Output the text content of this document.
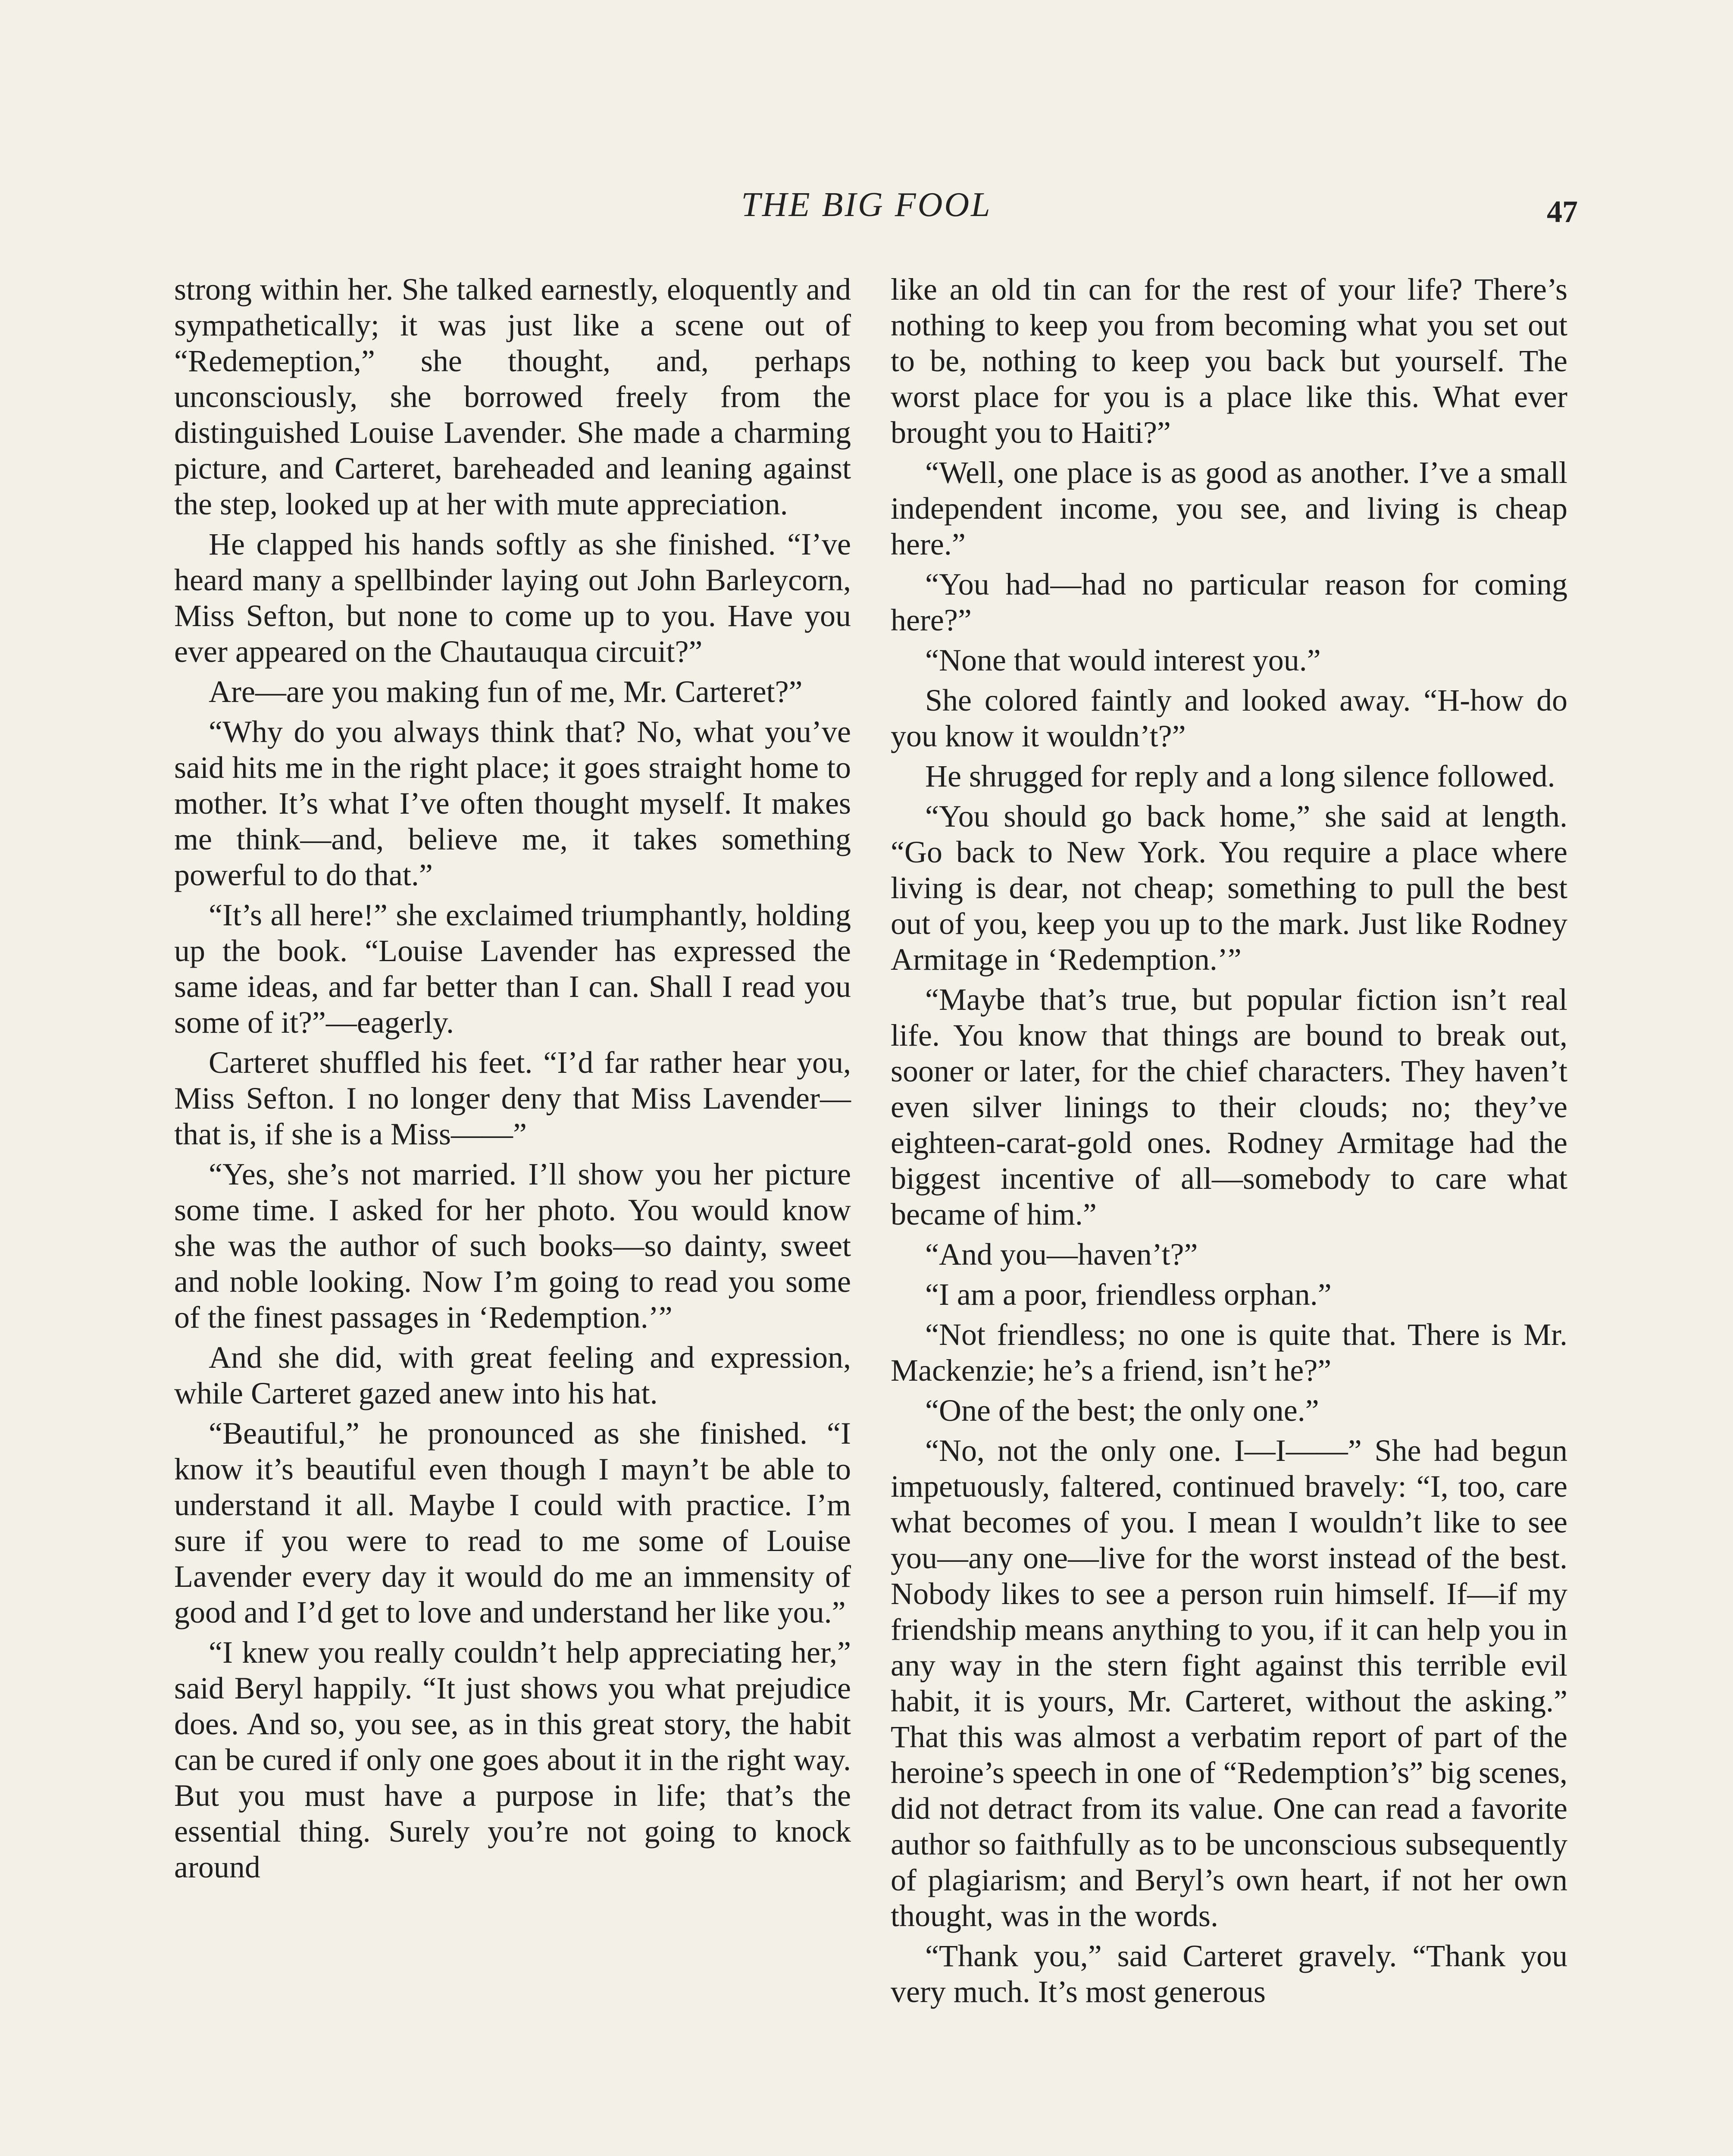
THE BIG FOOL	47

strong within her. She talked earnestly, eloquently and sympathetically; it was just like a scene out of “Redemeption,” she thought, and, perhaps unconsciously, she borrowed freely from the distinguished Louise Lavender. She made a charming picture, and Carteret, bareheaded and leaning against the step, looked up at her with mute appreciation.

He clapped his hands softly as she finished. “I’ve heard many a spellbinder laying out John Barleycorn, Miss Sefton, but none to come up to you. Have you ever appeared on the Chautauqua circuit?”

Are—are you making fun of me, Mr. Carteret?”

“Why do you always think that? No, what you’ve said hits me in the right place; it goes straight home to mother. It’s what I’ve often thought myself. It makes me think—and, believe me, it takes something powerful to do that.”

“It’s all here!” she exclaimed triumphantly, holding up the book. “Louise Lavender has expressed the same ideas, and far better than I can. Shall I read you some of it?”—eagerly.

Carteret shuffled his feet. “I’d far rather hear you, Miss Sefton. I no longer deny that Miss Lavender—that is, if she is a Miss——”

“Yes, she’s not married. I’ll show you her picture some time. I asked for her photo. You would know she was the author of such books—so dainty, sweet and noble looking. Now I’m going to read you some of the finest passages in ‘Redemption.’”

And she did, with great feeling and expression, while Carteret gazed anew into his hat.

“Beautiful,” he pronounced as she finished. “I know it’s beautiful even though I mayn’t be able to understand it all. Maybe I could with practice. I’m sure if you were to read to me some of Louise Lavender every day it would do me an immensity of good and I’d get to love and understand her like you.”

“I knew you really couldn’t help appreciating her,” said Beryl happily. “It just shows you what prejudice does. And so, you see, as in this great story, the habit can be cured if only one goes about it in the right way. But you must have a purpose in life; that’s the essential thing. Surely you’re not going to knock around

like an old tin can for the rest of your life? There’s nothing to keep you from becoming what you set out to be, nothing to keep you back but yourself. The worst place for you is a place like this. What ever brought you to Haiti?”

“Well, one place is as good as another. I’ve a small independent income, you see, and living is cheap here.”

“You had—had no particular reason for coming here?”

“None that would interest you.”

She colored faintly and looked away. “H-how do you know it wouldn’t?”

He shrugged for reply and a long silence followed.

“You should go back home,” she said at length. “Go back to New York. You require a place where living is dear, not cheap; something to pull the best out of you, keep you up to the mark. Just like Rodney Armitage in ‘Redemption.’”

“Maybe that’s true, but popular fiction isn’t real life. You know that things are bound to break out, sooner or later, for the chief characters. They haven’t even silver linings to their clouds; no; they’ve eighteen-carat-gold ones. Rodney Armitage had the biggest incentive of all—somebody to care what became of him.”

“And you—haven’t?”

“I am a poor, friendless orphan.”

“Not friendless; no one is quite that. There is Mr. Mackenzie; he’s a friend, isn’t he?”

“One of the best; the only one.”

“No, not the only one. I—I——” She had begun impetuously, faltered, continued bravely: “I, too, care what becomes of you. I mean I wouldn’t like to see you—any one—live for the worst instead of the best. Nobody likes to see a person ruin himself. If—if my friendship means anything to you, if it can help you in any way in the stern fight against this terrible evil habit, it is yours, Mr. Carteret, without the asking.” That this was almost a verbatim report of part of the heroine’s speech in one of “Redemption’s” big scenes, did not detract from its value. One can read a favorite author so faithfully as to be unconscious subsequently of plagiarism; and Beryl’s own heart, if not her own thought, was in the words.

“Thank you,” said Carteret gravely. “Thank you very much. It’s most generous
